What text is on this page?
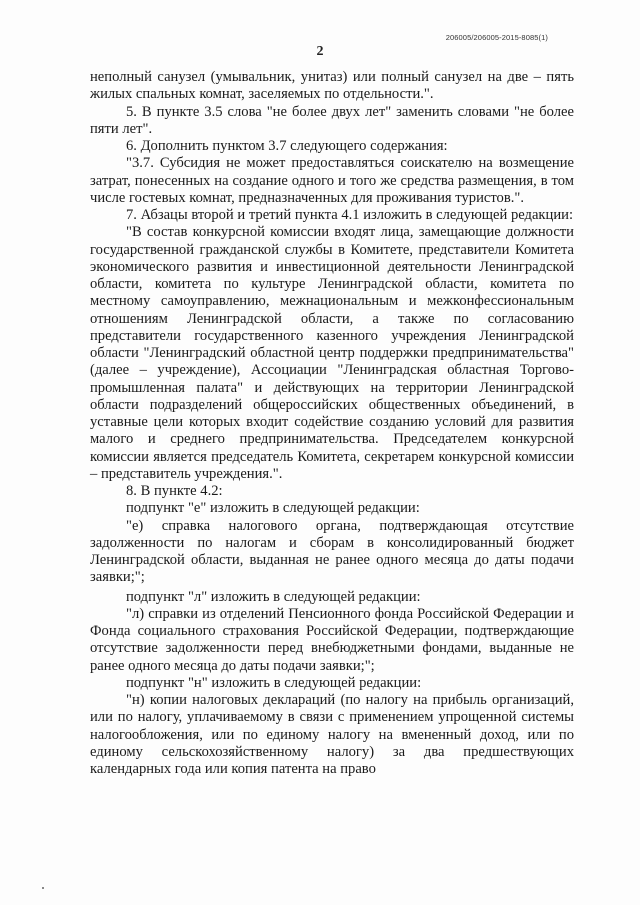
206005/206005-2015-8085(1)
2

неполный санузел (умывальник, унитаз) или полный санузел на две – пять жилых спальных комнат, заселяемых по отдельности.".

5. В пункте 3.5 слова "не более двух лет" заменить словами "не более пяти лет".

6. Дополнить пунктом 3.7 следующего содержания:

"3.7. Субсидия не может предоставляться соискателю на возмещение затрат, понесенных на создание одного и того же средства размещения, в том числе гостевых комнат, предназначенных для проживания туристов.".

7. Абзацы второй и третий пункта 4.1 изложить в следующей редакции:

"В состав конкурсной комиссии входят лица, замещающие должности государственной гражданской службы в Комитете, представители Комитета экономического развития и инвестиционной деятельности Ленинградской области, комитета по культуре Ленинградской области, комитета по местному самоуправлению, межнациональным и межконфессиональным отношениям Ленинградской области, а также по согласованию представители государственного казенного учреждения Ленинградской области "Ленинградский областной центр поддержки предпринимательства" (далее – учреждение), Ассоциации "Ленинградская областная Торгово-промышленная палата" и действующих на территории Ленинградской области подразделений общероссийских общественных объединений, в уставные цели которых входит содействие созданию условий для развития малого и среднего предпринимательства. Председателем конкурсной комиссии является председатель Комитета, секретарем конкурсной комиссии – представитель учреждения.".

8. В пункте 4.2:

подпункт "е" изложить в следующей редакции:

"е) справка налогового органа, подтверждающая отсутствие задолженности по налогам и сборам в консолидированный бюджет Ленинградской области, выданная не ранее одного месяца до даты подачи заявки;";

подпункт "л" изложить в следующей редакции:

"л) справки из отделений Пенсионного фонда Российской Федерации и Фонда социального страхования Российской Федерации, подтверждающие отсутствие задолженности перед внебюджетными фондами, выданные не ранее одного месяца до даты подачи заявки;";

подпункт "н" изложить в следующей редакции:

"н) копии налоговых деклараций (по налогу на прибыль организаций, или по налогу, уплачиваемому в связи с применением упрощенной системы налогообложения, или по единому налогу на вмененный доход, или по единому сельскохозяйственному налогу) за два предшествующих календарных года или копия патента на право
